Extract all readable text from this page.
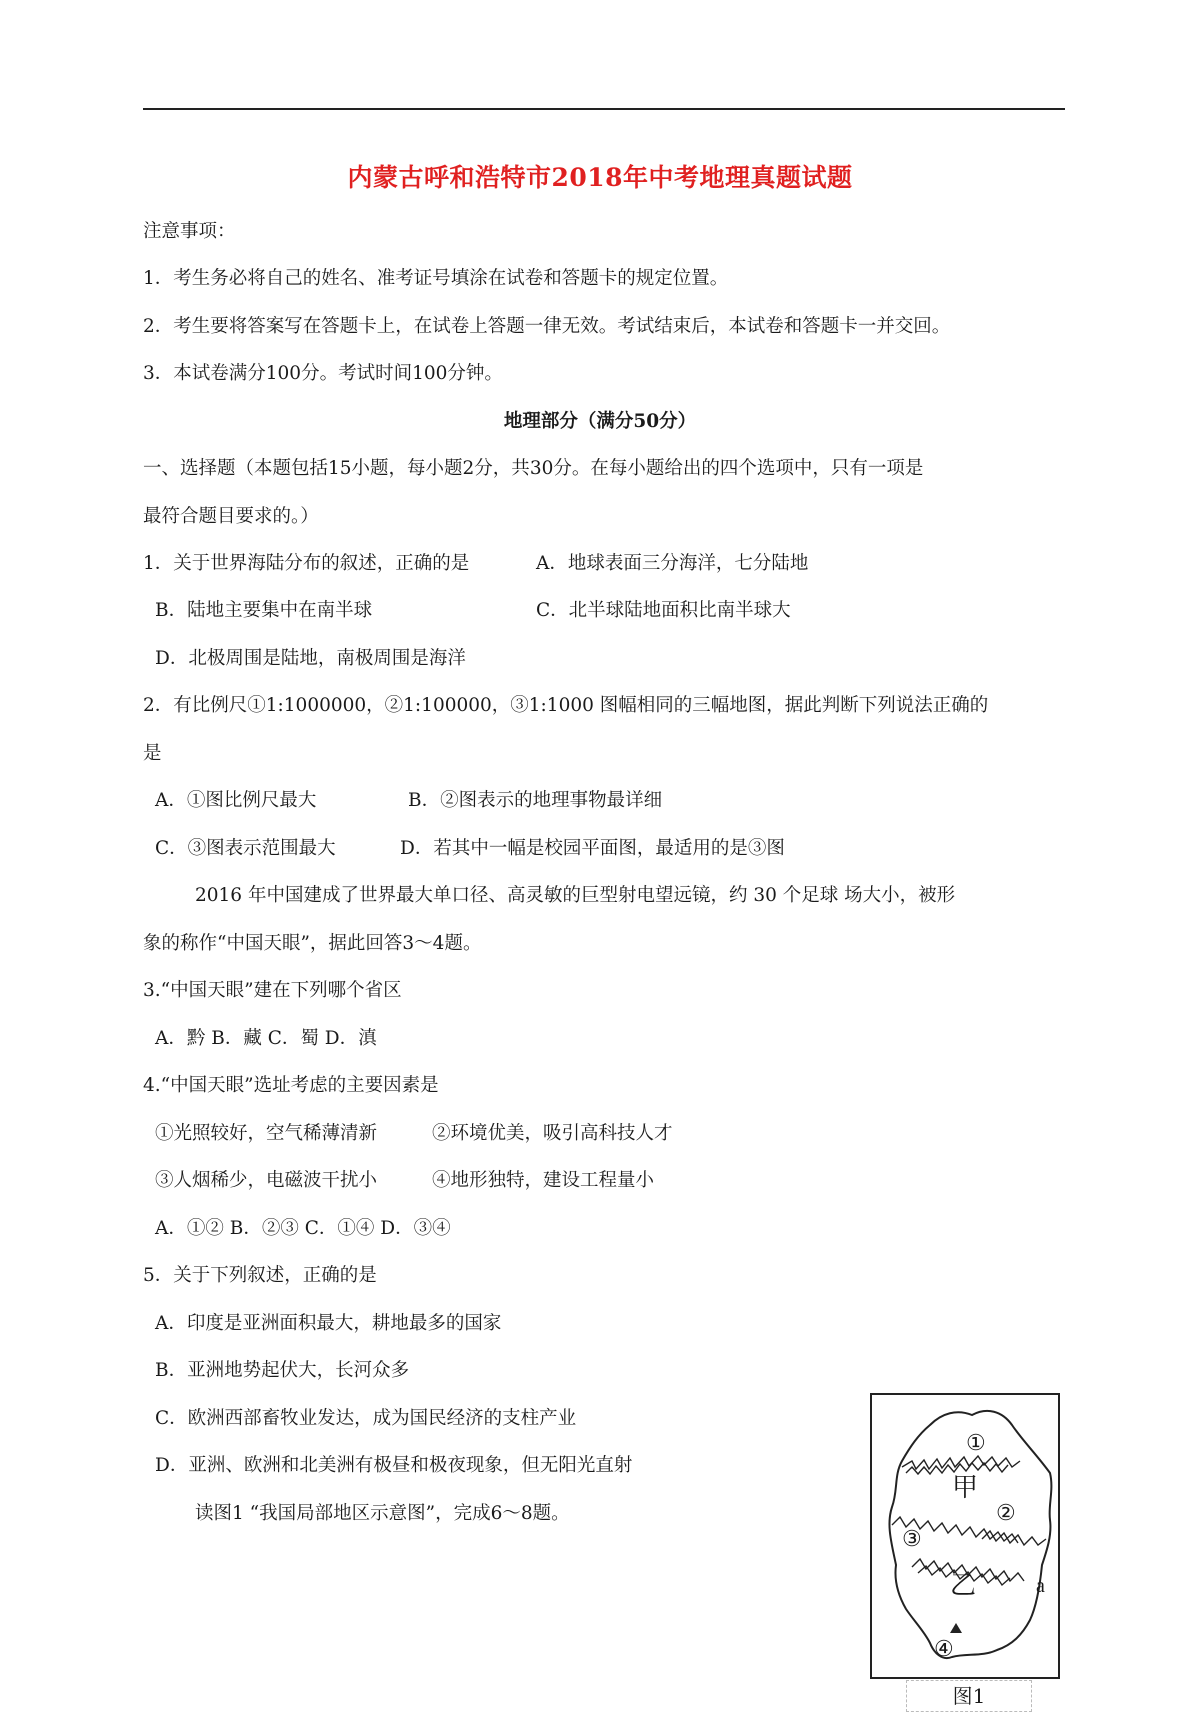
内蒙古呼和浩特市2018年中考地理真题试题
注意事项：
1．考生务必将自己的姓名、准考证号填涂在试卷和答题卡的规定位置。
2．考生要将答案写在答题卡上，在试卷上答题一律无效。考试结束后，本试卷和答题卡一并交回。
3．本试卷满分100分。考试时间100分钟。
地理部分（满分50分）
一、选择题（本题包括15小题，每小题2分，共30分。在每小题给出的四个选项中，只有一项是
最符合题目要求的。）
1．关于世界海陆分布的叙述，正确的是	A．地球表面三分海洋，七分陆地
B．陆地主要集中在南半球	C．北半球陆地面积比南半球大
D．北极周围是陆地，南极周围是海洋
2．有比例尺①1:1000000，②1:100000，③1:1000 图幅相同的三幅地图，据此判断下列说法正确的
是
A．①图比例尺最大	B．②图表示的地理事物最详细
C．③图表示范围最大	D．若其中一幅是校园平面图，最适用的是③图
2016 年中国建成了世界最大单口径、高灵敏的巨型射电望远镜，约 30 个足球 场大小，被形
象的称作“中国天眼”，据此回答3～4题。
3.“中国天眼”建在下列哪个省区
A．黔 B．藏 C．蜀 D．滇
4.“中国天眼”选址考虑的主要因素是
①光照较好，空气稀薄清新	②环境优美，吸引高科技人才
③人烟稀少，电磁波干扰小	④地形独特，建设工程量小
A．①② B．②③ C．①④ D．③④
5．关于下列叙述，正确的是
A．印度是亚洲面积最大，耕地最多的国家
B．亚洲地势起伏大，长河众多
C．欧洲西部畜牧业发达，成为国民经济的支柱产业
D．亚洲、欧洲和北美洲有极昼和极夜现象，但无阳光直射
读图1 “我国局部地区示意图”，完成6～8题。
①
甲
②
③
乙	a
④
图1
